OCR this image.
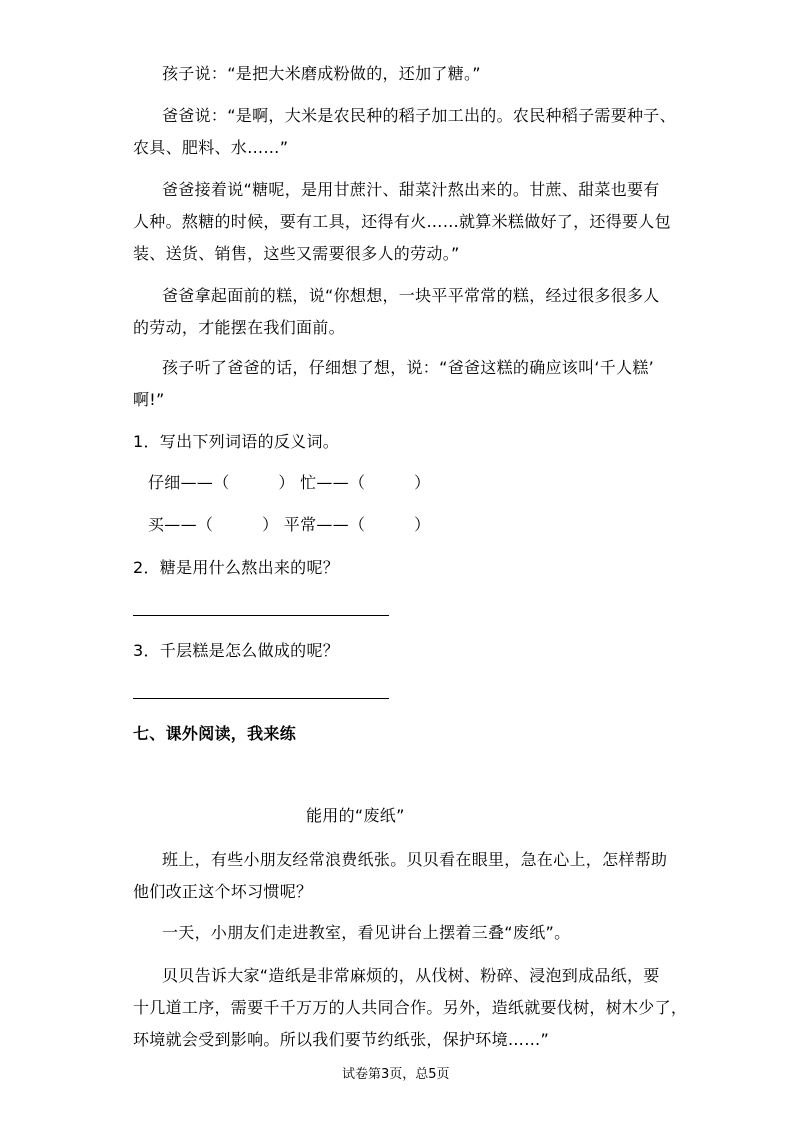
孩子说：“是把大米磨成粉做的，还加了糖。”
爸爸说：“是啊，大米是农民种的稻子加工出的。农民种稻子需要种子、
农具、肥料、水……”
爸爸接着说“糖呢，是用甘蔗汁、甜菜汁熬出来的。甘蔗、甜菜也要有
人种。熬糖的时候，要有工具，还得有火……就算米糕做好了，还得要人包
装、送货、销售，这些又需要很多人的劳动。”
爸爸拿起面前的糕，说“你想想，一块平平常常的糕，经过很多很多人
的劳动，才能摆在我们面前。
孩子听了爸爸的话，仔细想了想，说：“爸爸这糕的确应该叫‘千人糕’
啊!”
1．写出下列词语的反义词。
仔细——（　　　） 忙——（　　　）
买——（　　　） 平常——（　　　）
2．糖是用什么熬出来的呢？
3．千层糕是怎么做成的呢？
七、课外阅读，我来练
能用的“废纸”
班上，有些小朋友经常浪费纸张。贝贝看在眼里，急在心上，怎样帮助
他们改正这个坏习惯呢？
一天，小朋友们走进教室，看见讲台上摆着三叠“废纸”。
贝贝告诉大家“造纸是非常麻烦的，从伐树、粉碎、浸泡到成品纸，要
十几道工序，需要千千万万的人共同合作。另外，造纸就要伐树，树木少了，
环境就会受到影响。所以我们要节约纸张，保护环境……”
试卷第3页，总5页
